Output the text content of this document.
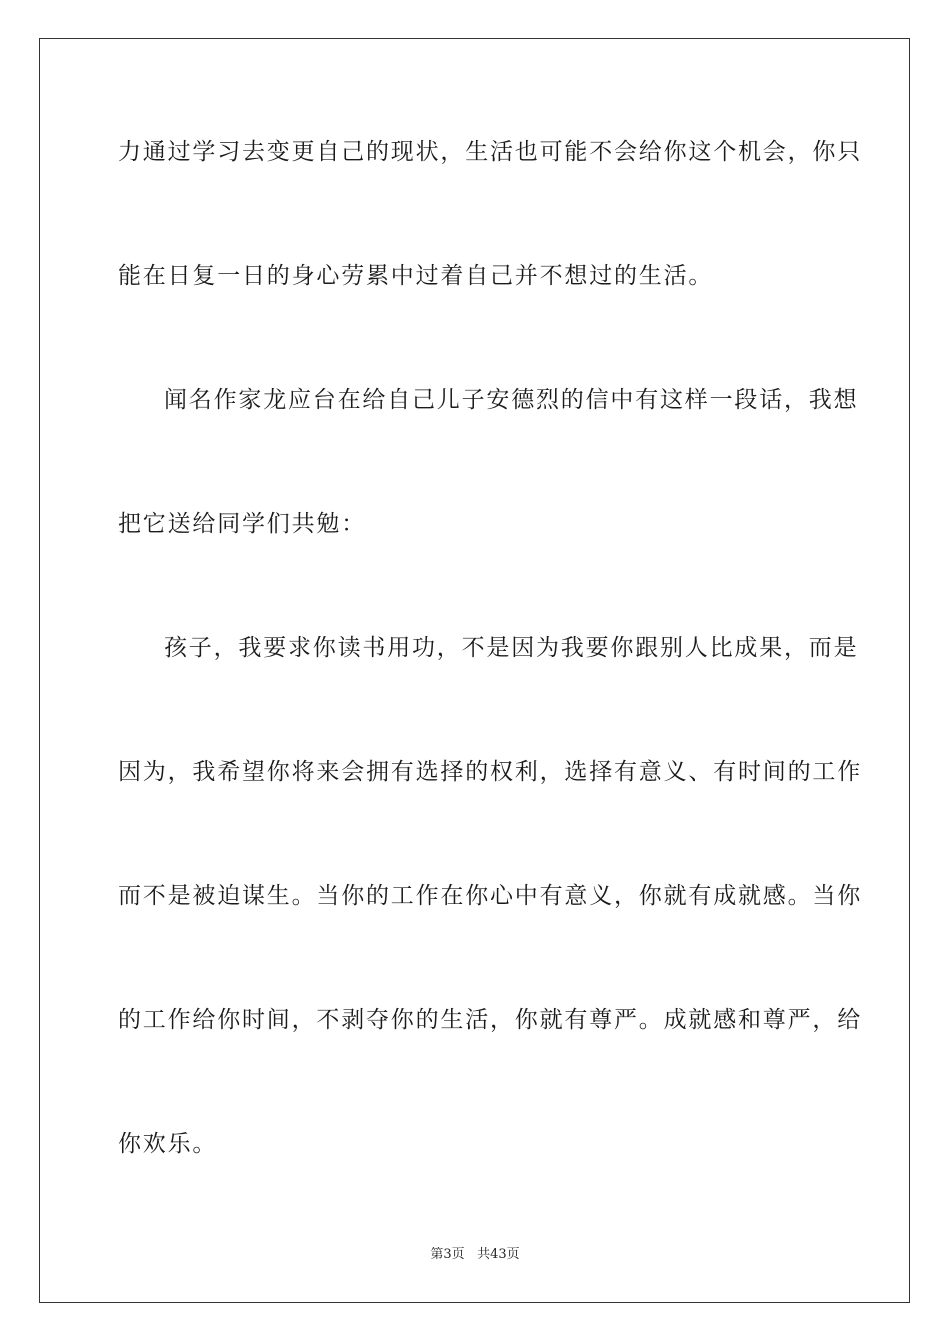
力通过学习去变更自己的现状，生活也可能不会给你这个机会，你只
能在日复一日的身心劳累中过着自己并不想过的生活。
闻名作家龙应台在给自己儿子安德烈的信中有这样一段话，我想
把它送给同学们共勉：
孩子，我要求你读书用功，不是因为我要你跟别人比成果，而是
因为，我希望你将来会拥有选择的权利，选择有意义、有时间的工作
而不是被迫谋生。当你的工作在你心中有意义，你就有成就感。当你
的工作给你时间，不剥夺你的生活，你就有尊严。成就感和尊严，给
你欢乐。
第3页 共43页
